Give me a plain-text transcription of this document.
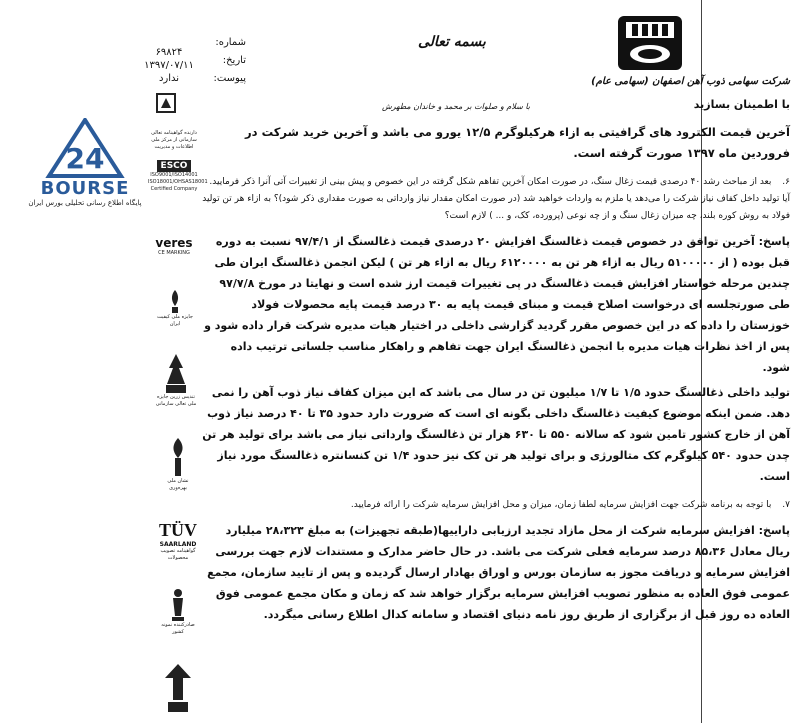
24
BOURSE
پایگاه اطلاع رسانی تحلیلی بورس ایران
دارنده گواهینامه تعالی سازمانی از مرکز ملی اطلاعات و مدیریت
ESCO
ISO9001/ISO14001 ISO18001/OHSAS18001 Certified Company
veres
CE MARKING
جایزه ملی کیفیت ایران
تندیس زرین جایزه ملی تعالی سازمانی
نشان ملی بهره‌وری
TÜV
SAARLAND
گواهینامه تصویب محصولات
صادرکننده نمونه کشور
شرکت سهامی ذوب آهن اصفهان (سهامی عام)
با اطمینان بسازید
بسمه تعالی
با سلام و صلوات بر محمد و خاندان مطهرش
شماره:
تاریخ:
پیوست:
۶۹۸۲۴
۱۳۹۷/۰۷/۱۱
ندارد

آخرین قیمت الکترود های گرافیتی به ازاء هرکیلوگرم ۱۲/۵ یورو می باشد و آخرین خرید شرکت در فروردین ماه ۱۳۹۷ صورت گرفته است.

۶. بعد از مباحث رشد ۴۰ درصدی قیمت زغال سنگ، در صورت امکان آخرین تفاهم شکل گرفته در این خصوص و پیش بینی از تغییرات آتی آنرا ذکر فرمایید. آیا تولید داخل کفاف نیاز شرکت را می‌دهد یا ملزم به واردات خواهید شد (در صورت امکان مقدار نیاز وارداتی به صورت مقداری ذکر شود)؟ به ازاء هر تن تولید فولاد به روش کوره بلند، چه میزان زغال سنگ و از چه نوعی (پرورده، کک، و ... ) لازم است؟

پاسخ: آخرین توافق در خصوص قیمت ذغالسنگ افزایش ۲۰ درصدی قیمت ذغالسنگ از ۹۷/۴/۱ نسبت به دوره قبل بوده ( از ۵۱۰۰۰۰۰ ریال به ازاء هر تن به ۶۱۲۰۰۰۰ ریال به ازاء هر تن ) لیکن انجمن ذغالسنگ ایران طی چندین مرحله خواستار افزایش قیمت ذغالسنگ در پی تغییرات قیمت ارز شده است و نهایتا در مورخ ۹۷/۷/۸ طی صورتجلسه ای درخواست اصلاح قیمت و مبنای قیمت پایه به ۳۰ درصد قیمت پایه محصولات فولاد خوزستان را داده که در این خصوص مقرر گردید گزارشی داخلی در اختیار هیات مدیره شرکت قرار داده شود و پس از اخذ نظرات هیات مدیره با انجمن ذغالسنگ ایران جهت تفاهم و راهکار مناسب جلساتی ترتیب داده شود.

تولید داخلی ذغالسنگ حدود ۱/۵ تا ۱/۷ میلیون تن در سال می باشد که این میزان کفاف نیاز ذوب آهن را نمی دهد. ضمن اینکه موضوع کیفیت ذغالسنگ داخلی بگونه ای است که ضرورت دارد حدود ۳۵ تا ۴۰ درصد نیاز ذوب آهن از خارج کشور تامین شود که سالانه ۵۵۰ تا ۶۳۰ هزار تن ذغالسنگ وارداتی نیاز می باشد برای تولید هر تن چدن حدود ۵۴۰ کیلوگرم کک متالورژی و برای تولید هر تن کک نیز حدود ۱/۴ تن کنسانتره ذغالسنگ مورد نیاز است.

۷. با توجه به برنامه شرکت جهت افزایش سرمایه لطفا زمان، میزان و محل افزایش سرمایه شرکت را ارائه فرمایید.

پاسخ: افزایش سرمایه شرکت از محل مازاد تجدید ارزیابی داراییها(طبقه تجهیزات) به مبلغ ۲۸،۳۲۳ میلیارد ریال معادل ۸۵،۳۶ درصد سرمایه فعلی شرکت می باشد. در حال حاضر مدارک و مستندات لازم جهت بررسی افزایش سرمایه و دریافت مجوز به سازمان بورس و اوراق بهادار ارسال گردیده و پس از تایید سازمان، مجمع عمومی فوق العاده به منظور تصویب افزایش سرمایه برگزار خواهد شد که زمان و مکان مجمع عمومی فوق العاده ده روز قبل از برگزاری از طریق روز نامه دنیای اقتصاد و سامانه کدال اطلاع رسانی میگردد.
